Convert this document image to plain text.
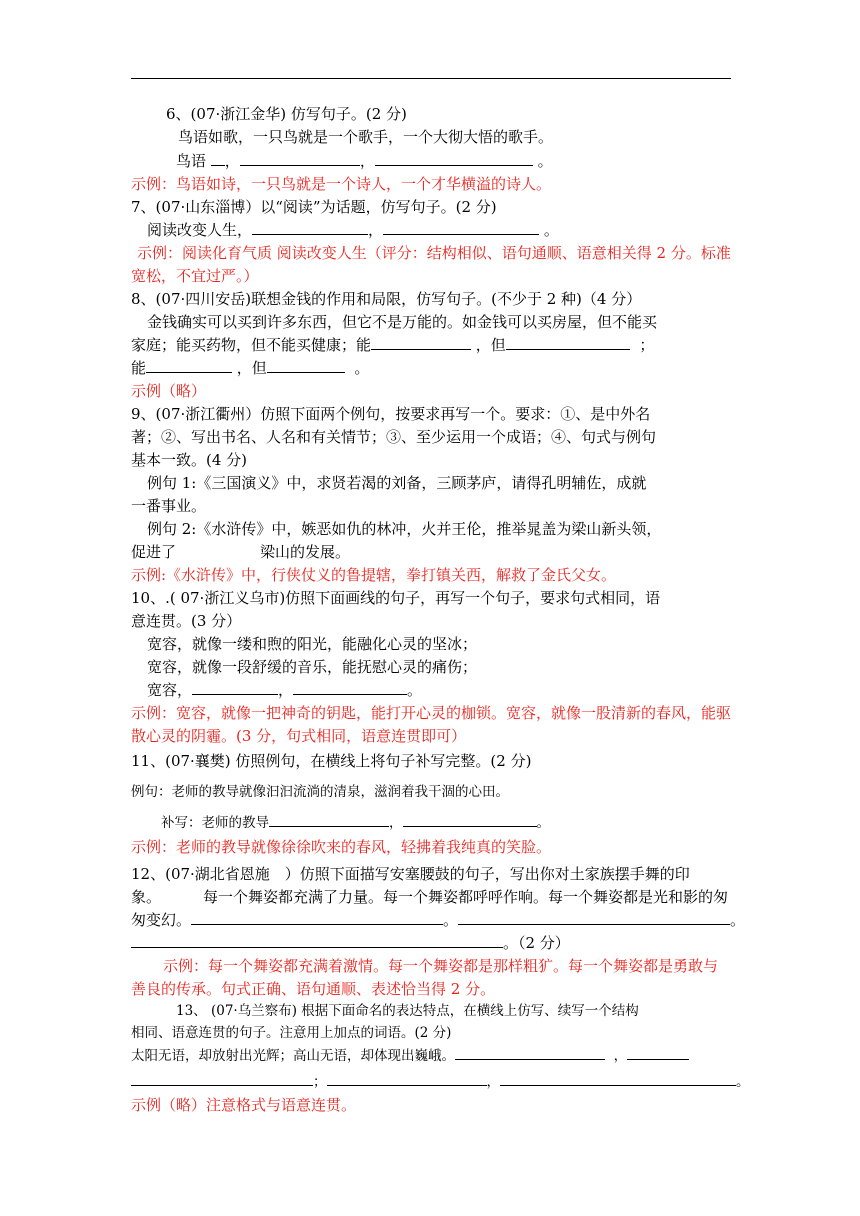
6、(07·浙江金华) 仿写句子。(2 分)
鸟语如歌，一只鸟就是一个歌手，一个大彻大悟的歌手。
鸟语 ，	，	。
示例：鸟语如诗，一只鸟就是一个诗人，一个才华横溢的诗人。
7、(07·山东淄博）以“阅读”为话题，仿写句子。(2 分)
阅读改变人生，	，	。
示例：阅读化育气质 阅读改变人生（评分：结构相似、语句通顺、语意相关得 2 分。标准
宽松，不宜过严。）
8、(07·四川安岳)联想金钱的作用和局限，仿写句子。(不少于 2 种)（4 分）
金钱确实可以买到许多东西，但它不是万能的。如金钱可以买房屋，但不能买
家庭；能买药物，但不能买健康；能	，但	；
能	，但	。
示例（略）
9、(07·浙江衢州）仿照下面两个例句，按要求再写一个。要求：①、是中外名
著；②、写出书名、人名和有关情节；③、至少运用一个成语；④、句式与例句
基本一致。(4 分)
例句 1:《三国演义》中，求贤若渴的刘备，三顾茅庐，请得孔明辅佐，成就
一番事业。
例句 2:《水浒传》中，嫉恶如仇的林冲，火并王伦，推举晁盖为梁山新头领，
促进了	梁山的发展。
示例:《水浒传》中，行侠仗义的鲁提辖，拳打镇关西，解救了金氏父女。
10、.( 07·浙江义乌市)仿照下面画线的句子，再写一个句子，要求句式相同，语
意连贯。(3 分）
宽容，就像一缕和煦的阳光，能融化心灵的坚冰；
宽容，就像一段舒缓的音乐，能抚慰心灵的痛伤；
宽容，	，	。
示例：宽容，就像一把神奇的钥匙，能打开心灵的枷锁。宽容，就像一股清新的春风，能驱
散心灵的阴霾。(3 分，句式相同，语意连贯即可）
11、(07·襄樊) 仿照例句，在横线上将句子补写完整。(2 分)
例句：老师的教导就像汩汩流淌的清泉，滋润着我干涸的心田。
补写：老师的教导	，	。
示例：老师的教导就像徐徐吹来的春风，轻拂着我纯真的笑脸。
12、(07·湖北省恩施　）仿照下面描写安塞腰鼓的句子，写出你对土家族摆手舞的印
象。	每一个舞姿都充满了力量。每一个舞姿都呼呼作响。每一个舞姿都是光和影的匆
匆变幻。	。	。
。（2 分）
示例：每一个舞姿都充满着激情。每一个舞姿都是那样粗犷。每一个舞姿都是勇敢与
善良的传承。句式正确、语句通顺、表述恰当得 2 分。
13、 (07·乌兰察布) 根据下面命名的表达特点，在横线上仿写、续写一个结构
相同、语意连贯的句子。注意用上加点的词语。(2 分)
太阳无语，却放射出光辉；高山无语，却体现出巍峨。	，
；	，	。
示例（略）注意格式与语意连贯。
